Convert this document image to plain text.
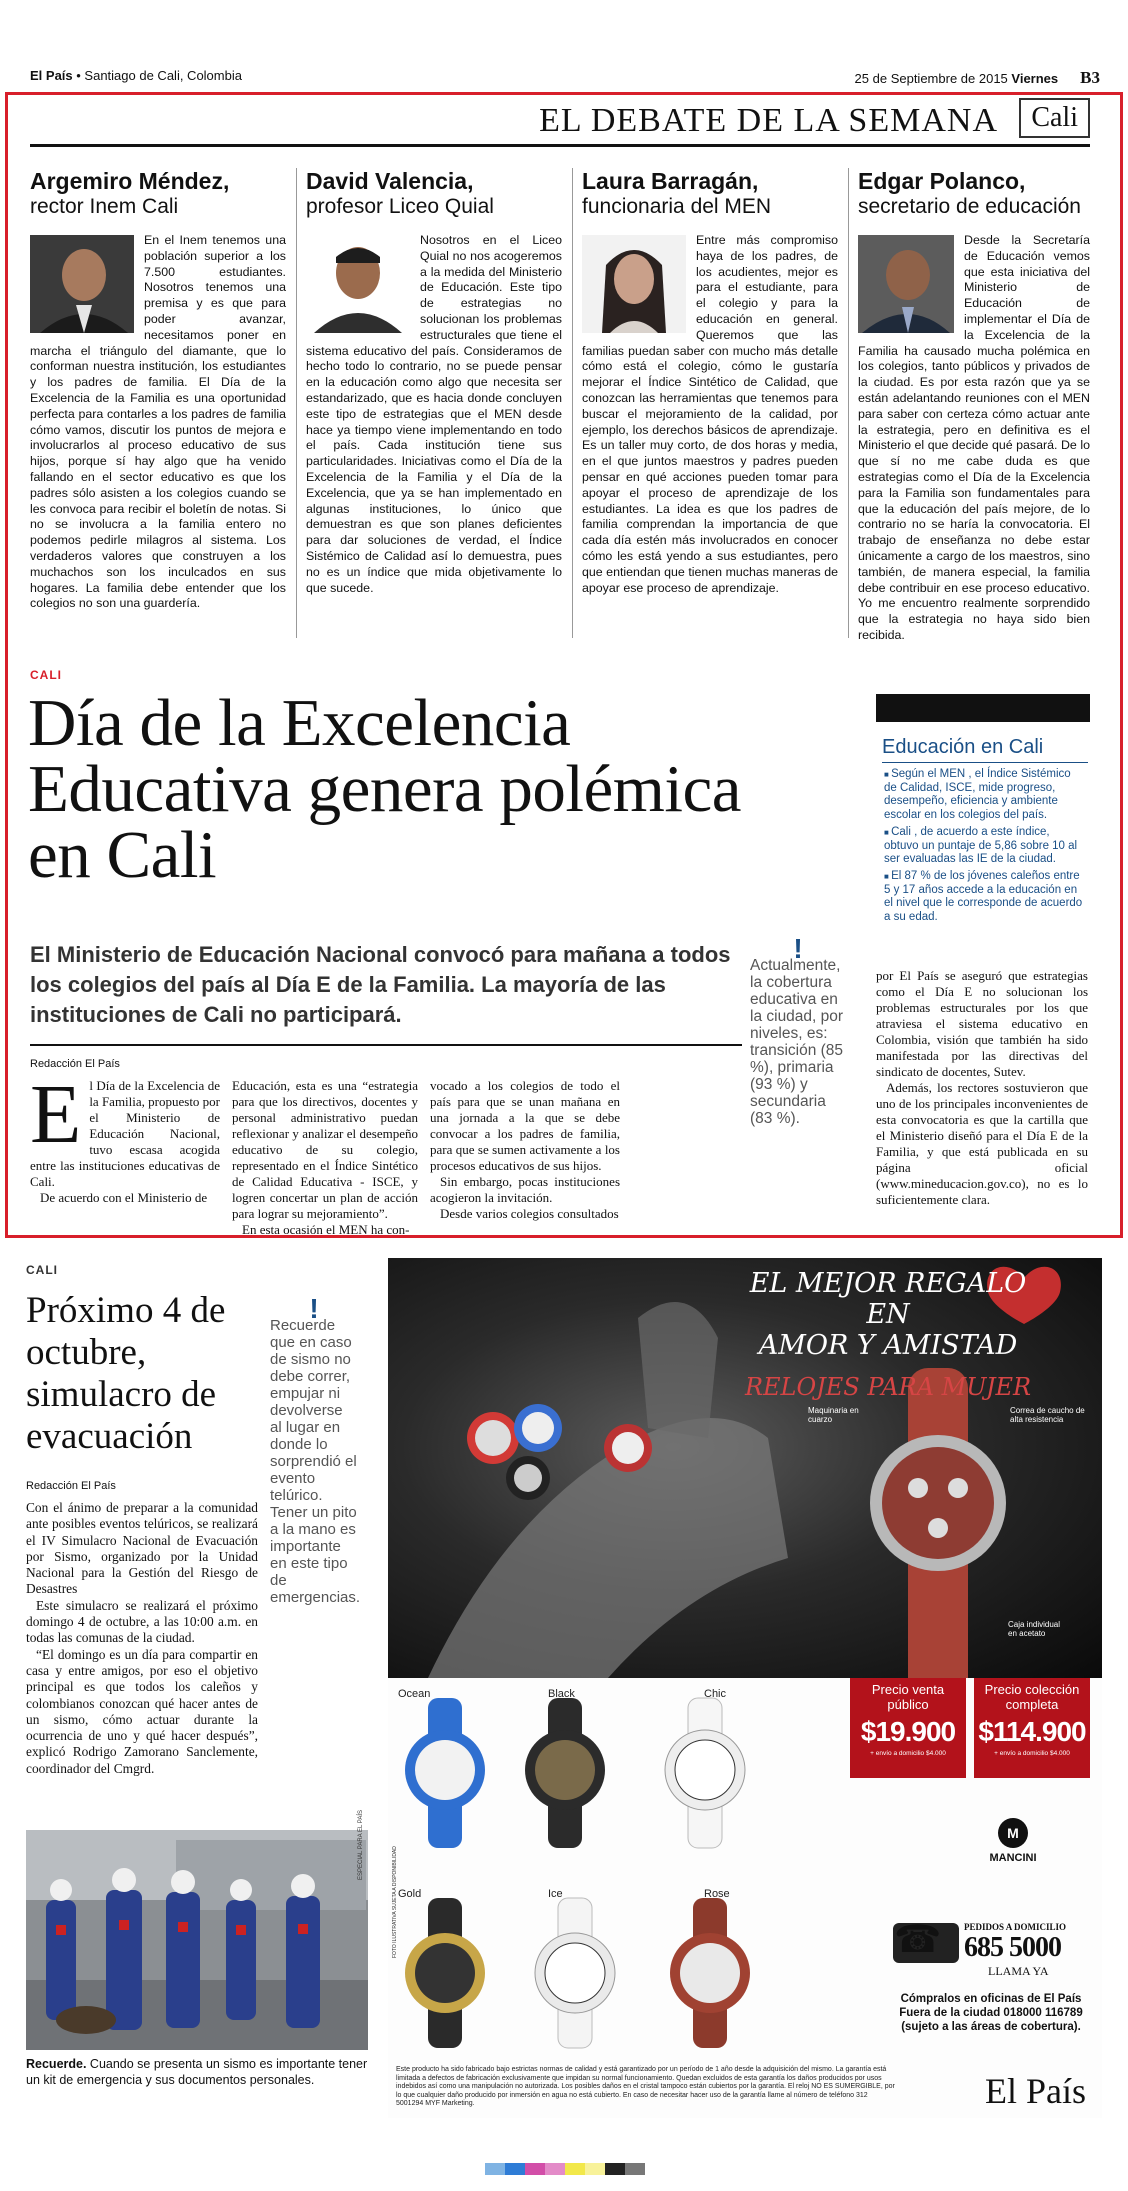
El País • Santiago de Cali, Colombia	25 de Septiembre de 2015 Viernes B3
EL DEBATE DE LA SEMANA	Cali
Argemiro Méndez,
rector Inem Cali
En el Inem tenemos una población superior a los 7.500 estudiantes. Nosotros tenemos una premisa y es que para poder avanzar, necesitamos poner en marcha el triángulo del diamante, que lo conforman nuestra institución, los estudiantes y los padres de familia. El Día de la Excelencia de la Familia es una oportunidad perfecta para contarles a los padres de familia cómo vamos, discutir los puntos de mejora e involucrarlos al proceso educativo de sus hijos, porque sí hay algo que ha venido fallando en el sector educativo es que los padres sólo asisten a los colegios cuando se les convoca para recibir el boletín de notas. Si no se involucra a la familia entero no podemos pedirle milagros al sistema. Los verdaderos valores que construyen a los muchachos son los inculcados en sus hogares. La familia debe entender que los colegios no son una guardería.
David Valencia,
profesor Liceo Quial
Nosotros en el Liceo Quial no nos acogeremos a la medida del Ministerio de Educación. Este tipo de estrategias no solucionan los problemas estructurales que tiene el sistema educativo del país. Consideramos de hecho todo lo contrario, no se puede pensar en la educación como algo que necesita ser estandarizado, que es hacia donde concluyen este tipo de estrategias que el MEN desde hace ya tiempo viene implementando en todo el país. Cada institución tiene sus particularidades. Iniciativas como el Día de la Excelencia de la Familia y el Día de la Excelencia, que ya se han implementado en algunas instituciones, lo único que demuestran es que son planes deficientes para dar soluciones de verdad, el Índice Sistémico de Calidad así lo demuestra, pues no es un índice que mida objetivamente lo que sucede.
Laura Barragán,
funcionaria del MEN
Entre más compromiso haya de los padres, de los acudientes, mejor es para el estudiante, para el colegio y para la educación en general. Queremos que las familias puedan saber con mucho más detalle cómo está el colegio, cómo le gustaría mejorar el Índice Sintético de Calidad, que conozcan las herramientas que tenemos para buscar el mejoramiento de la calidad, por ejemplo, los derechos básicos de aprendizaje. Es un taller muy corto, de dos horas y media, en el que juntos maestros y padres pueden pensar en qué acciones pueden tomar para apoyar el proceso de aprendizaje de los estudiantes. La idea es que los padres de familia comprendan la importancia de que cada día estén más involucrados en conocer cómo les está yendo a sus estudiantes, pero que entiendan que tienen muchas maneras de apoyar ese proceso de aprendizaje.
Edgar Polanco,
secretario de educación
Desde la Secretaría de Educación vemos que esta iniciativa del Ministerio de Educación de implementar el Día de la Excelencia de la Familia ha causado mucha polémica en los colegios, tanto públicos y privados de la ciudad. Es por esta razón que ya se están adelantando reuniones con el MEN para saber con certeza cómo actuar ante la estrategia, pero en definitiva es el Ministerio el que decide qué pasará. De lo que sí no me cabe duda es que estrategias como el Día de la Excelencia para la Familia son fundamentales para que la educación del país mejore, de lo contrario no se haría la convocatoria. El trabajo de enseñanza no debe estar únicamente a cargo de los maestros, sino también, de manera especial, la familia debe contribuir en ese proceso educativo. Yo me encuentro realmente sorprendido que la estrategia no haya sido bien recibida.
CALI
Día de la Excelencia Educativa genera polémica en Cali
El Ministerio de Educación Nacional convocó para mañana a todos los colegios del país al Día E de la Familia. La mayoría de las instituciones de Cali no participará.
Redacción El País
E l Día de la Excelencia de la Familia, propuesto por el Ministerio de Educación Nacional, tuvo escasa acogida entre las instituciones educativas de Cali.
De acuerdo con el Ministerio de
Educación, esta es una “estrategia para que los directivos, docentes y personal administrativo puedan reflexionar y analizar el desempeño educativo de su colegio, representado en el Índice Sintético de Calidad Educativa - ISCE, y logren concertar un plan de acción para lograr su mejoramiento”.
En esta ocasión el MEN ha con-
vocado a los colegios de todo el país para que se unan mañana en una jornada a la que se debe convocar a los padres de familia, para que se sumen activamente a los procesos educativos de sus hijos.
Sin embargo, pocas instituciones acogieron la invitación.
Desde varios colegios consultados
!
Actualmente, la cobertura educativa en la ciudad, por niveles, es: transición (85 %), primaria (93 %) y secundaria (83 %).
por El País se aseguró que estrategias como el Día E no solucionan los problemas estructurales por los que atraviesa el sistema educativo en Colombia, visión que también ha sido manifestada por las directivas del sindicato de docentes, Sutev.
Además, los rectores sostuvieron que uno de los principales inconvenientes de esta convocatoria es que la cartilla que el Ministerio diseñó para el Día E de la Familia, y que está publicada en su página oficial (www.mineducacion.gov.co), no es lo suficientemente clara.
Educación en Cali
■ Según el MEN , el Índice Sistémico de Calidad, ISCE, mide progreso, desempeño, eficiencia y ambiente escolar en los colegios del país.
■ Cali , de acuerdo a este índice, obtuvo un puntaje de 5,86 sobre 10 al ser evaluadas las IE de la ciudad.
■ El 87 % de los jóvenes caleños entre 5 y 17 años accede a la educación en el nivel que le corresponde de acuerdo a su edad.
CALI
Próximo 4 de octubre, simulacro de evacuación
Redacción El País
Con el ánimo de preparar a la comunidad ante posibles eventos telúricos, se realizará el IV Simulacro Nacional de Evacuación por Sismo, organizado por la Unidad Nacional para la Gestión del Riesgo de Desastres
Este simulacro se realizará el próximo domingo 4 de octubre, a las 10:00 a.m. en todas las comunas de la ciudad.
“El domingo es un día para compartir en casa y entre amigos, por eso el objetivo principal es que todos los caleños y colombianos conozcan qué hacer antes de un sismo, cómo actuar durante la ocurrencia de uno y qué hacer después”, explicó Rodrigo Zamorano Sanclemente, coordinador del Cmgrd.
!
Recuerde que en caso de sismo no debe correr, empujar ni devolverse al lugar en donde lo sorprendió el evento telúrico. Tener un pito a la mano es importante en este tipo de emergencias.
ESPECIAL PARA EL PAÍS
Recuerde. Cuando se presenta un sismo es importante tener un kit de emergencia y sus documentos personales.
EL MEJOR REGALO EN
AMOR Y AMISTAD
RELOJES PARA MUJER
Maquinaria en cuarzo
Correa de caucho de alta resistencia
Caja individual en acetato
Ocean	Black	Chic
Gold	Ice	Rose
Precio venta público
$19.900
+ envío a domicilio $4.000
Precio colección completa
$114.900
+ envío a domicilio $4.000
M
MANCINI
☎	PEDIDOS A DOMICILIO
685 5000
LLAMA YA
Cómpralos en oficinas de El País Fuera de la ciudad 018000 116789 (sujeto a las áreas de cobertura).
Este producto ha sido fabricado bajo estrictas normas de calidad y está garantizado por un período de 1 año desde la adquisición del mismo. La garantía está limitada a defectos de fabricación exclusivamente que impidan su normal funcionamiento. Quedan excluidos de esta garantía los daños producidos por usos indebidos así como una manipulación no autorizada. Los posibles daños en el cristal tampoco están cubiertos por la garantía. El reloj NO ES SUMERGIBLE, por lo que cualquier daño producido por inmersión en agua no está cubierto. En caso de necesitar hacer uso de la garantía llame al número de teléfono 312 5001294 MYF Marketing.	El País
FOTO ILUSTRATIVA SUJETA A DISPONIBILIDAD
